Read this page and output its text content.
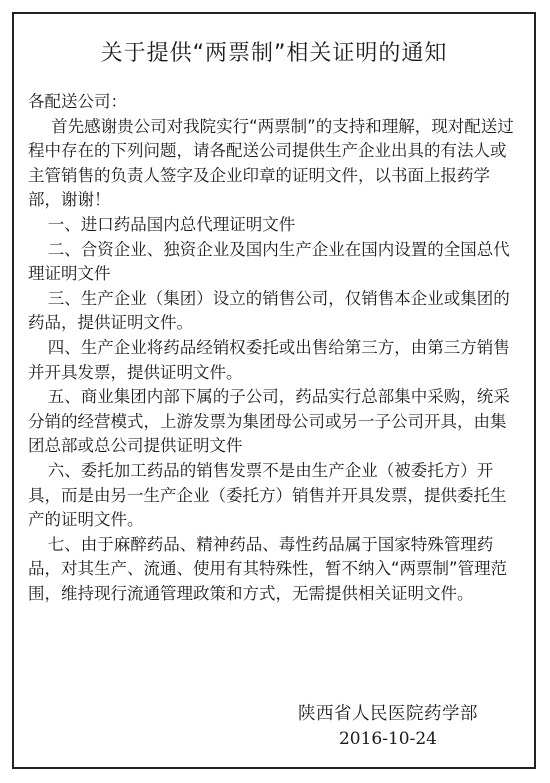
关于提供“两票制”相关证明的通知

各配送公司：

首先感谢贵公司对我院实行“两票制”的支持和理解，现对配送过程中存在的下列问题，请各配送公司提供生产企业出具的有法人或主管销售的负责人签字及企业印章的证明文件，以书面上报药学部，谢谢！

一、进口药品国内总代理证明文件

二、合资企业、独资企业及国内生产企业在国内设置的全国总代理证明文件

三、生产企业（集团）设立的销售公司，仅销售本企业或集团的药品，提供证明文件。

四、生产企业将药品经销权委托或出售给第三方，由第三方销售并开具发票，提供证明文件。

五、商业集团内部下属的子公司，药品实行总部集中采购，统采分销的经营模式，上游发票为集团母公司或另一子公司开具，由集团总部或总公司提供证明文件

六、委托加工药品的销售发票不是由生产企业（被委托方）开具，而是由另一生产企业（委托方）销售并开具发票，提供委托生产的证明文件。

七、由于麻醉药品、精神药品、毒性药品属于国家特殊管理药品，对其生产、流通、使用有其特殊性，暂不纳入“两票制”管理范围，维持现行流通管理政策和方式，无需提供相关证明文件。

陕西省人民医院药学部
2016-10-24
